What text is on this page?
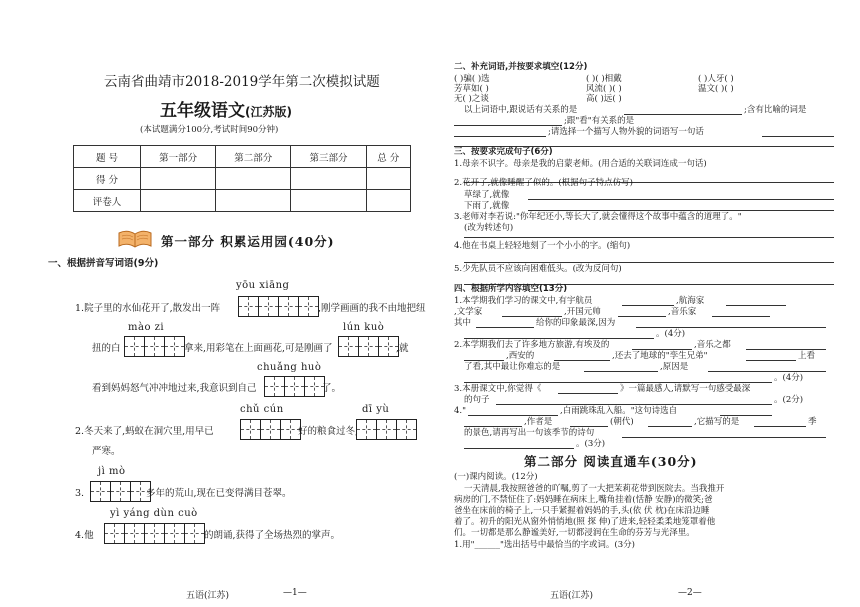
云南省曲靖市2018-2019学年第二次模拟试题
五年级语文(江苏版)
(本试题满分100分,考试时间90分钟)
题 号	第一部分	第二部分	第三部分	总 分
得 分				
评卷人				
第一部分 积累运用园(40分)
一、根据拼音写词语(9分)
yōu xiāng
1.院子里的水仙花开了,散发出一阵	,刚学画画的我不由地把纽
mào zi	lún kuò
扭的白	拿来,用彩笔在上面画花,可是刚画了	,就
chuǎng huò
看到妈妈怒气冲冲地过来,我意识到自己	了。
chǔ cún	dī yù
2.冬天来了,蚂蚁在洞穴里,用早已	好的粮食过冬,
严寒。
jì mò
3.	多年的荒山,现在已变得满目苍翠。
yì yáng dùn cuò
4.他	的朗诵,获得了全场热烈的掌声。
五语(江苏)	—1—
二、补充词语,并按要求填空(12分)
( )骗( )选	( )( )相戴	( )人牙( )
芳草如( )	风流( )( )	温文( )( )
无( )之谈	高( )远( )
以上词语中,跟说话有关系的是	;含有比喻的词是
;跟"看"有关系的是
;请选择一个描写人物外貌的词语写一句话
三、按要求完成句子(6分)
1.母亲不识字。母亲是我的启蒙老师。(用合适的关联词连成一句话)
2.花开了,就像睡醒了似的。(根据句子特点仿写)
草绿了,就像
下雨了,就像
3.老师对李若说:"你年纪还小,等长大了,就会懂得这个故事中蕴含的道理了。"
(改为转述句)
4.他在书桌上轻轻地刻了一个小小的字。(缩句)
5.少先队员不应该向困难低头。(改为反问句)
四、根据所学内容填空(13分)
1.本学期我们学习的课文中,有宇航员	,航海家
,文学家	,开国元帅	,音乐家
其中	给你的印象最深,因为
。(4分)
2.本学期我们去了许多地方旅游,有埃及的	,音乐之都
,西安的	,还去了地球的"孪生兄弟"	上看
了看,其中最让你难忘的是	,原因是
。(4分)
3.本册课文中,你觉得《	》一篇最感人,请默写一句感受最深
的句子	。(2分)
4."	,白雨跳珠乱入船。"这句诗选自
,作者是	(朝代)	,它描写的是	季
的景色,请再写出一句该季节的诗句
。(3分)
第二部分 阅读直通车(30分)
(一)课内阅读。(12分)
一天清晨,我按照爸爸的吖嘱,剪了一大把茉莉花带到医院去。当我推开
病房的门,不禁怔住了:妈妈睡在病床上,嘴角挂着(恬静 安静)的微笑;爸
爸坐在床前的椅子上,一只手紧握着妈妈的手,头(依 伏 枕)在床沿边睡
着了。初升的阳光从窗外悄悄地(照 探 伸)了进来,轻轻柔柔地笼罩着他
们。一切都是那么静谧美好,一切都浸润在生命的芬芳与光泽里。
1.用"______"选出括号中最恰当的字或词。(3分)
五语(江苏)	—2—
